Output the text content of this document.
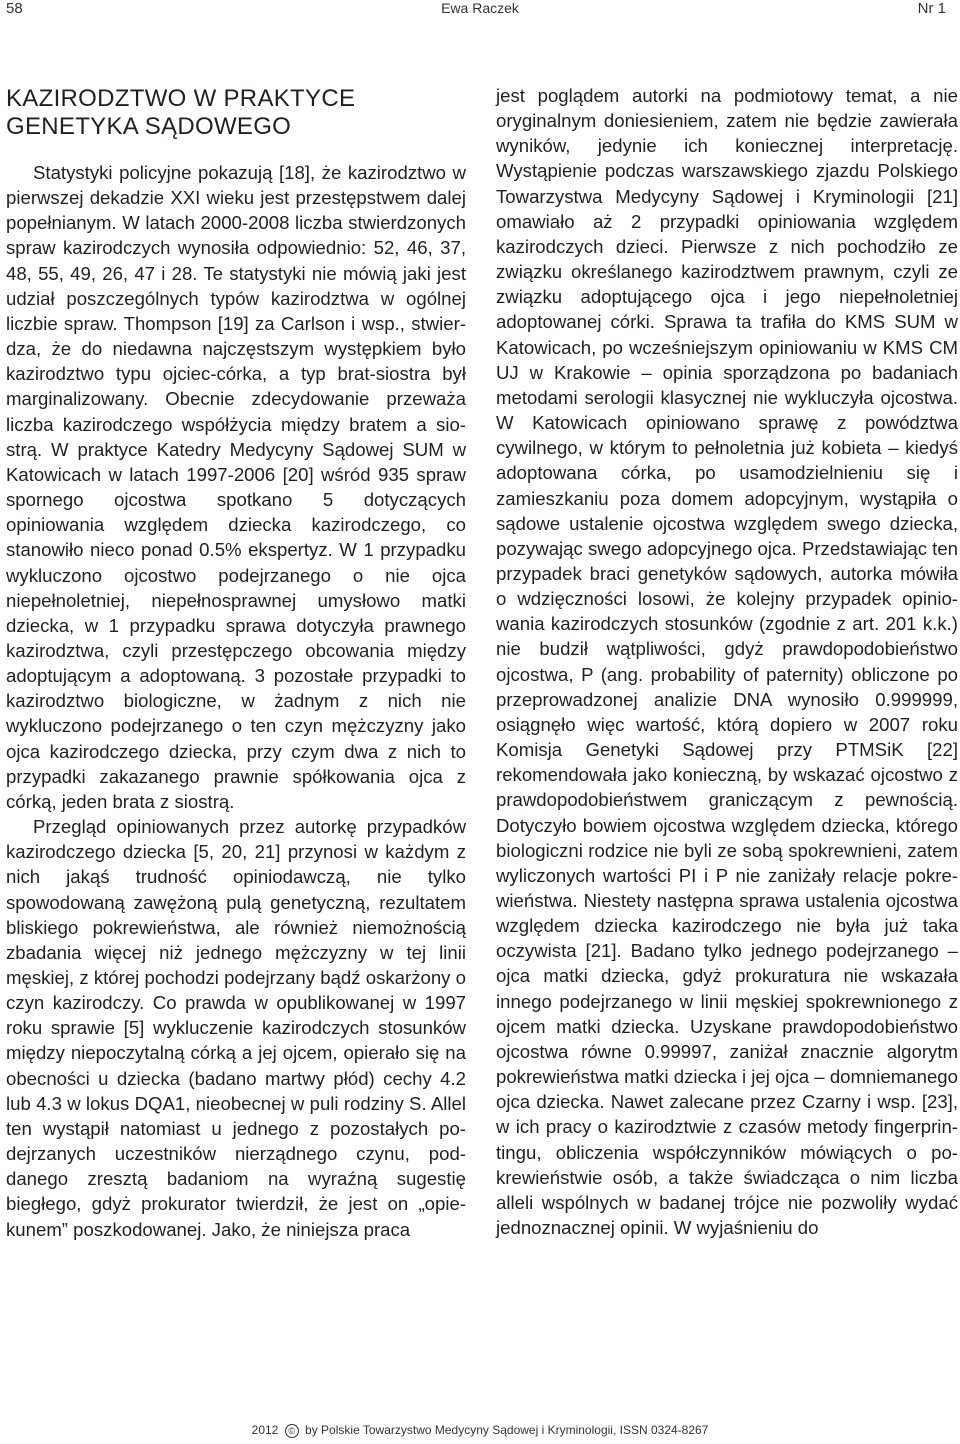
58	Ewa Raczek	Nr 1
KAZIRODZTWO W PRAKTYCE
GENETYKA SĄDOWEGO

Statystyki policyjne pokazują [18], że kazirodztwo w pierwszej dekadzie XXI wieku jest przestępstwem dalej popełnianym. W latach 2000-2008 liczba stwierdzonych spraw kazirodczych wynosiła odpowiednio: 52, 46, 37, 48, 55, 49, 26, 47 i 28. Te statystyki nie mówią jaki jest udział poszczególnych typów kazirodztwa w ogólnej liczbie spraw. Thompson [19] za Carlson i wsp., stwierdza, że do niedawna najczęstszym występkiem było kazirodztwo typu ojciec-córka, a typ brat-siostra był marginalizowany. Obecnie zdecydowanie przeważa liczba kazirodczego współżycia między bratem a siostrą. W praktyce Katedry Medycyny Sądowej SUM w Katowicach w latach 1997-2006 [20] wśród 935 spraw spornego ojcostwa spotkano 5 dotyczących opiniowania względem dziecka kazirodczego, co stanowiło nieco ponad 0.5% ekspertyz. W 1 przypadku wykluczono ojcostwo podejrzanego o nie ojca niepełnoletniej, niepełnosprawnej umysłowo matki dziecka, w 1 przypadku sprawa dotyczyła prawnego kazirodztwa, czyli przestępczego obcowania między adoptującym a adoptowaną. 3 pozostałe przypadki to kazirodztwo biologiczne, w żadnym z nich nie wykluczono podejrzanego o ten czyn mężczyzny jako ojca kazirodczego dziecka, przy czym dwa z nich to przypadki zakazanego prawnie spółkowania ojca z córką, jeden brata z siostrą.

Przegląd opiniowanych przez autorkę przypadków kazirodczego dziecka [5, 20, 21] przynosi w każdym z nich jakąś trudność opiniodawczą, nie tylko spowodowaną zawężoną pulą genetyczną, rezultatem bliskiego pokrewieństwa, ale również niemożnością zbadania więcej niż jednego mężczyzny w tej linii męskiej, z której pochodzi podejrzany bądź oskarżony o czyn kazirodczy. Co prawda w opublikowanej w 1997 roku sprawie [5] wykluczenie kazirodczych stosunków między niepoczytalną córką a jej ojcem, opierało się na obecności u dziecka (badano martwy płód) cechy 4.2 lub 4.3 w lokus DQA1, nieobecnej w puli rodziny S. Allel ten wystąpił natomiast u jednego z pozostałych podejrzanych uczestników nierządnego czynu, poddanego zresztą badaniom na wyraźną sugestię biegłego, gdyż prokurator twierdził, że jest on „opiekunem” poszkodowanej. Jako, że niniejsza praca

jest poglądem autorki na podmiotowy temat, a nie oryginalnym doniesieniem, zatem nie będzie zawierała wyników, jedynie ich koniecznej interpretację. Wystąpienie podczas warszawskiego zjazdu Polskiego Towarzystwa Medycyny Sądowej i Kryminologii [21] omawiało aż 2 przypadki opiniowania względem kazirodczych dzieci. Pierwsze z nich pochodziło ze związku określanego kazirodztwem prawnym, czyli ze związku adoptującego ojca i jego niepełnoletniej adoptowanej córki. Sprawa ta trafiła do KMS SUM w Katowicach, po wcześniejszym opiniowaniu w KMS CM UJ w Krakowie – opinia sporządzona po badaniach metodami serologii klasycznej nie wykluczyła ojcostwa. W Katowicach opiniowano sprawę z powództwa cywilnego, w którym to pełnoletnia już kobieta – kiedyś adoptowana córka, po usamodzielnieniu się i zamieszkaniu poza domem adopcyjnym, wystąpiła o sądowe ustalenie ojcostwa względem swego dziecka, pozywając swego adopcyjnego ojca. Przedstawiając ten przypadek braci genetyków sądowych, autorka mówiła o wdzięczności losowi, że kolejny przypadek opiniowania kazirodczych stosunków (zgodnie z art. 201 k.k.) nie budził wątpliwości, gdyż prawdopodobieństwo ojcostwa, P (ang. probability of paternity) obliczone po przeprowadzonej analizie DNA wynosiło 0.999999, osiągnęło więc wartość, którą dopiero w 2007 roku Komisja Genetyki Sądowej przy PTMSiK [22] rekomendowała jako konieczną, by wskazać ojcostwo z prawdopodobieństwem graniczącym z pewnością. Dotyczyło bowiem ojcostwa względem dziecka, którego biologiczni rodzice nie byli ze sobą spokrewnieni, zatem wyliczonych wartości PI i P nie zaniżały relacje pokrewieństwa. Niestety następna sprawa ustalenia ojcostwa względem dziecka kazirodczego nie była już taka oczywista [21]. Badano tylko jednego podejrzanego – ojca matki dziecka, gdyż prokuratura nie wskazała innego podejrzanego w linii męskiej spokrewnionego z ojcem matki dziecka. Uzyskane prawdopodobieństwo ojcostwa równe 0.99997, zaniżał znacznie algorytm pokrewieństwa matki dziecka i jej ojca – domniemanego ojca dziecka. Nawet zalecane przez Czarny i wsp. [23], w ich pracy o kazirodztwie z czasów metody fingerprintingu, obliczenia współczynników mówiących o pokrewieństwie osób, a także świadcząca o nim liczba alleli wspólnych w badanej trójce nie pozwoliły wydać jednoznacznej opinii. W wyjaśnieniu do

2012 © by Polskie Towarzystwo Medycyny Sądowej i Kryminologii, ISSN 0324-8267
